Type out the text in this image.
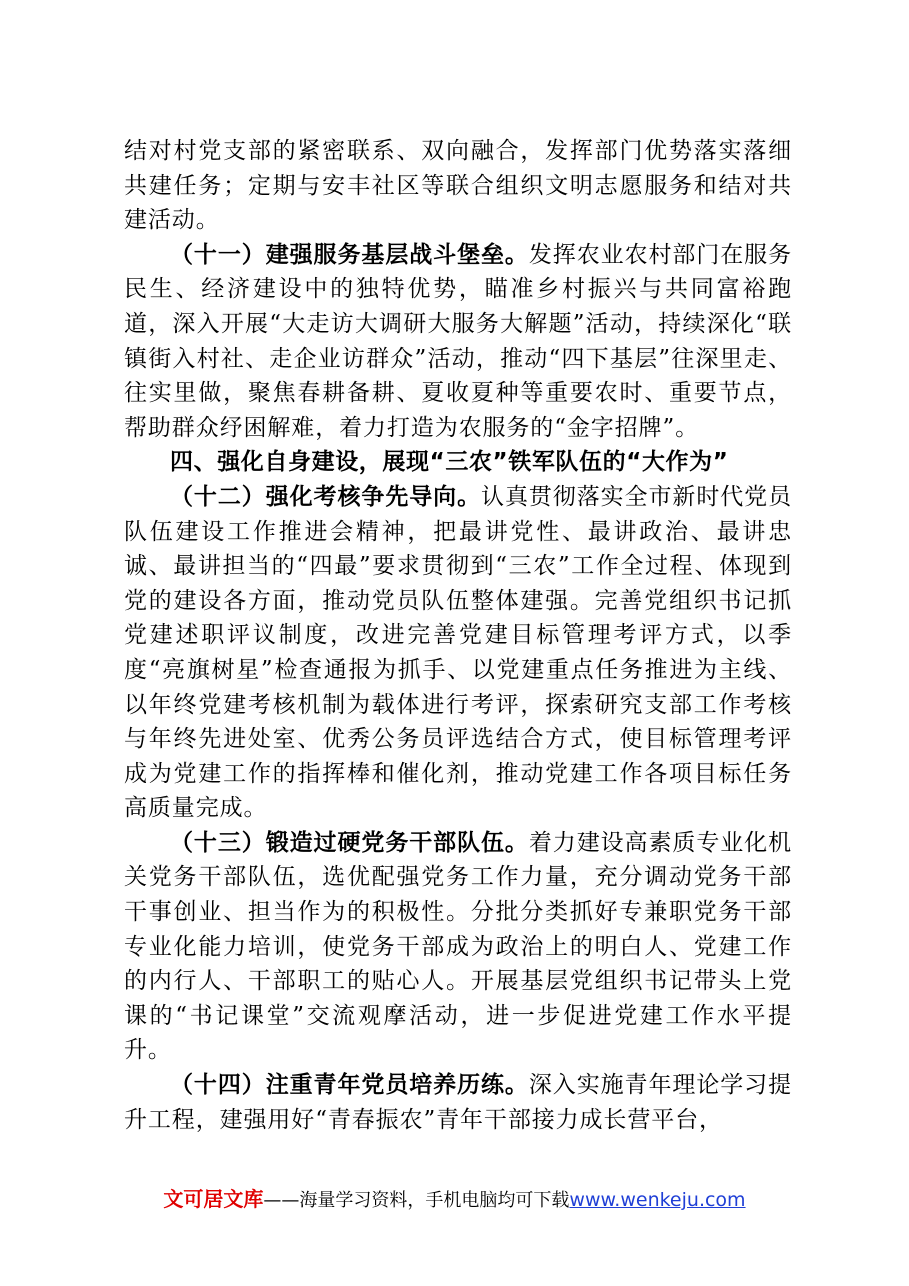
结对村党支部的紧密联系、双向融合，发挥部门优势落实落细共建任务；定期与安丰社区等联合组织文明志愿服务和结对共建活动。

（十一）建强服务基层战斗堡垒。发挥农业农村部门在服务民生、经济建设中的独特优势，瞄准乡村振兴与共同富裕跑道，深入开展“大走访大调研大服务大解题”活动，持续深化“联镇街入村社、走企业访群众”活动，推动“四下基层”往深里走、往实里做，聚焦春耕备耕、夏收夏种等重要农时、重要节点，帮助群众纾困解难，着力打造为农服务的“金字招牌”。

四、强化自身建设，展现“三农”铁军队伍的“大作为”

（十二）强化考核争先导向。认真贯彻落实全市新时代党员队伍建设工作推进会精神，把最讲党性、最讲政治、最讲忠诚、最讲担当的“四最”要求贯彻到“三农”工作全过程、体现到党的建设各方面，推动党员队伍整体建强。完善党组织书记抓党建述职评议制度，改进完善党建目标管理考评方式，以季度“亮旗树星”检查通报为抓手、以党建重点任务推进为主线、以年终党建考核机制为载体进行考评，探索研究支部工作考核与年终先进处室、优秀公务员评选结合方式，使目标管理考评成为党建工作的指挥棒和催化剂，推动党建工作各项目标任务高质量完成。

（十三）锻造过硬党务干部队伍。着力建设高素质专业化机关党务干部队伍，选优配强党务工作力量，充分调动党务干部干事创业、担当作为的积极性。分批分类抓好专兼职党务干部专业化能力培训，使党务干部成为政治上的明白人、党建工作的内行人、干部职工的贴心人。开展基层党组织书记带头上党课的“书记课堂”交流观摩活动，进一步促进党建工作水平提升。

（十四）注重青年党员培养历练。深入实施青年理论学习提升工程，建强用好“青春振农”青年干部接力成长营平台，

文可居文库——海量学习资料，手机电脑均可下载www.wenkeju.com
